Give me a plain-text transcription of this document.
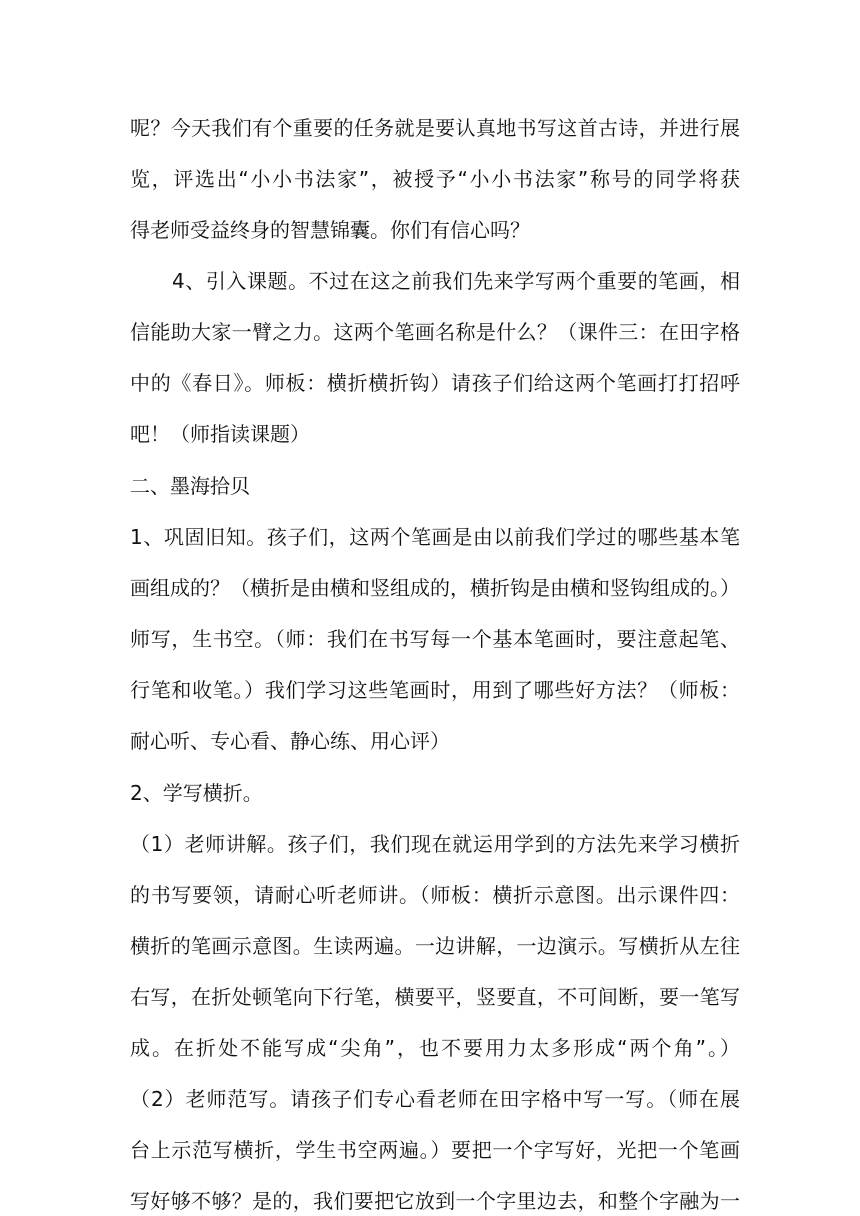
呢？今天我们有个重要的任务就是要认真地书写这首古诗，并进行展
览，评选出“小小书法家”，被授予“小小书法家”称号的同学将获
得老师受益终身的智慧锦囊。你们有信心吗？
4、引入课题。不过在这之前我们先来学写两个重要的笔画，相
信能助大家一臂之力。这两个笔画名称是什么？（课件三：在田字格
中的《春日》。师板：横折横折钩）请孩子们给这两个笔画打打招呼
吧！（师指读课题）
二、墨海拾贝
1、巩固旧知。孩子们，这两个笔画是由以前我们学过的哪些基本笔
画组成的？（横折是由横和竖组成的，横折钩是由横和竖钩组成的。）
师写，生书空。（师：我们在书写每一个基本笔画时，要注意起笔、
行笔和收笔。）我们学习这些笔画时，用到了哪些好方法？（师板：
耐心听、专心看、静心练、用心评）
2、学写横折。
（1）老师讲解。孩子们，我们现在就运用学到的方法先来学习横折
的书写要领，请耐心听老师讲。（师板：横折示意图。出示课件四：
横折的笔画示意图。生读两遍。一边讲解，一边演示。写横折从左往
右写，在折处顿笔向下行笔，横要平，竖要直，不可间断，要一笔写
成。在折处不能写成“尖角”，也不要用力太多形成“两个角”。）
（2）老师范写。请孩子们专心看老师在田字格中写一写。（师在展
台上示范写横折，学生书空两遍。）要把一个字写好，光把一个笔画
写好够不够？是的，我们要把它放到一个字里边去，和整个字融为一
